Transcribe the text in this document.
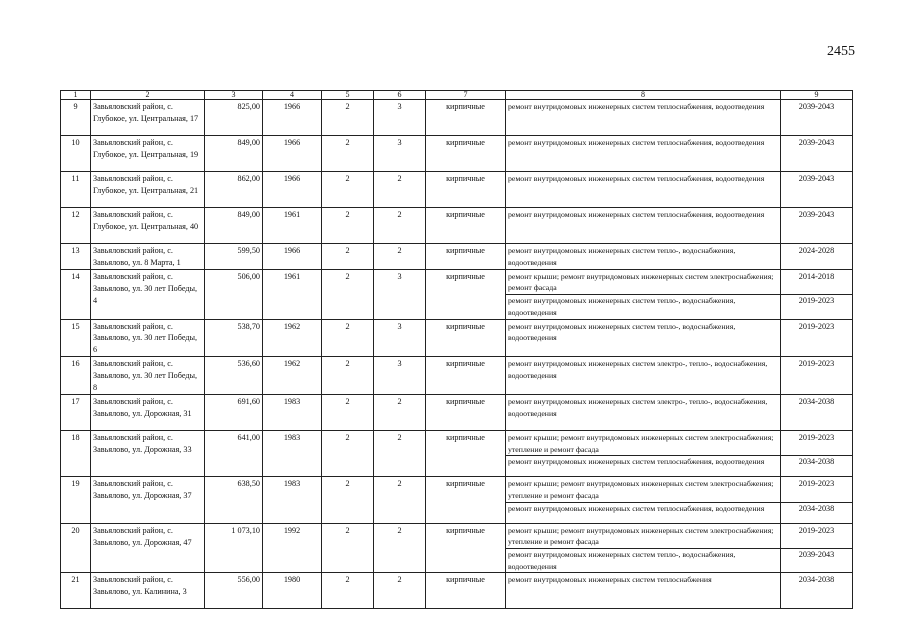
2455
1	2	3	4	5	6	7	8	9
9	Завьяловский район, с. Глубокое, ул. Центральная, 17	825,00	1966	2	3	кирпичные	ремонт внутридомовых инженерных систем теплоснабжения, водоотведения	2039-2043
10	Завьяловский район, с. Глубокое, ул. Центральная, 19	849,00	1966	2	3	кирпичные	ремонт внутридомовых инженерных систем теплоснабжения, водоотведения	2039-2043
11	Завьяловский район, с. Глубокое, ул. Центральная, 21	862,00	1966	2	2	кирпичные	ремонт внутридомовых инженерных систем теплоснабжения, водоотведения	2039-2043
12	Завьяловский район, с. Глубокое, ул. Центральная, 40	849,00	1961	2	2	кирпичные	ремонт внутридомовых инженерных систем теплоснабжения, водоотведения	2039-2043
13	Завьяловский район, с. Завьялово, ул. 8 Марта, 1	599,50	1966	2	2	кирпичные	ремонт внутридомовых инженерных систем тепло-, водоснабжения, водоотведения	2024-2028
14	Завьяловский район, с. Завьялово, ул. 30 лет Победы, 4	506,00	1961	2	3	кирпичные	ремонт крыши; ремонт внутридомовых инженерных систем электроснабжения; ремонт фасада	2014-2018
							ремонт внутридомовых инженерных систем тепло-, водоснабжения, водоотведения	2019-2023
15	Завьяловский район, с. Завьялово, ул. 30 лет Победы, 6	538,70	1962	2	3	кирпичные	ремонт внутридомовых инженерных систем тепло-, водоснабжения, водоотведения	2019-2023
16	Завьяловский район, с. Завьялово, ул. 30 лет Победы, 8	536,60	1962	2	3	кирпичные	ремонт внутридомовых инженерных систем электро-, тепло-, водоснабжения, водоотведения	2019-2023
17	Завьяловский район, с. Завьялово, ул. Дорожная, 31	691,60	1983	2	2	кирпичные	ремонт внутридомовых инженерных систем электро-, тепло-, водоснабжения, водоотведения	2034-2038
18	Завьяловский район, с. Завьялово, ул. Дорожная, 33	641,00	1983	2	2	кирпичные	ремонт крыши; ремонт внутридомовых инженерных систем электроснабжения; утепление и ремонт фасада	2019-2023
							ремонт внутридомовых инженерных систем теплоснабжения, водоотведения	2034-2038
19	Завьяловский район, с. Завьялово, ул. Дорожная, 37	638,50	1983	2	2	кирпичные	ремонт крыши; ремонт внутридомовых инженерных систем электроснабжения; утепление и ремонт фасада	2019-2023
							ремонт внутридомовых инженерных систем теплоснабжения, водоотведения	2034-2038
20	Завьяловский район, с. Завьялово, ул. Дорожная, 47	1 073,10	1992	2	2	кирпичные	ремонт крыши; ремонт внутридомовых инженерных систем электроснабжения; утепление и ремонт фасада	2019-2023
							ремонт внутридомовых инженерных систем тепло-, водоснабжения, водоотведения	2039-2043
21	Завьяловский район, с. Завьялово, ул. Калинина, 3	556,00	1980	2	2	кирпичные	ремонт внутридомовых инженерных систем теплоснабжения	2034-2038
